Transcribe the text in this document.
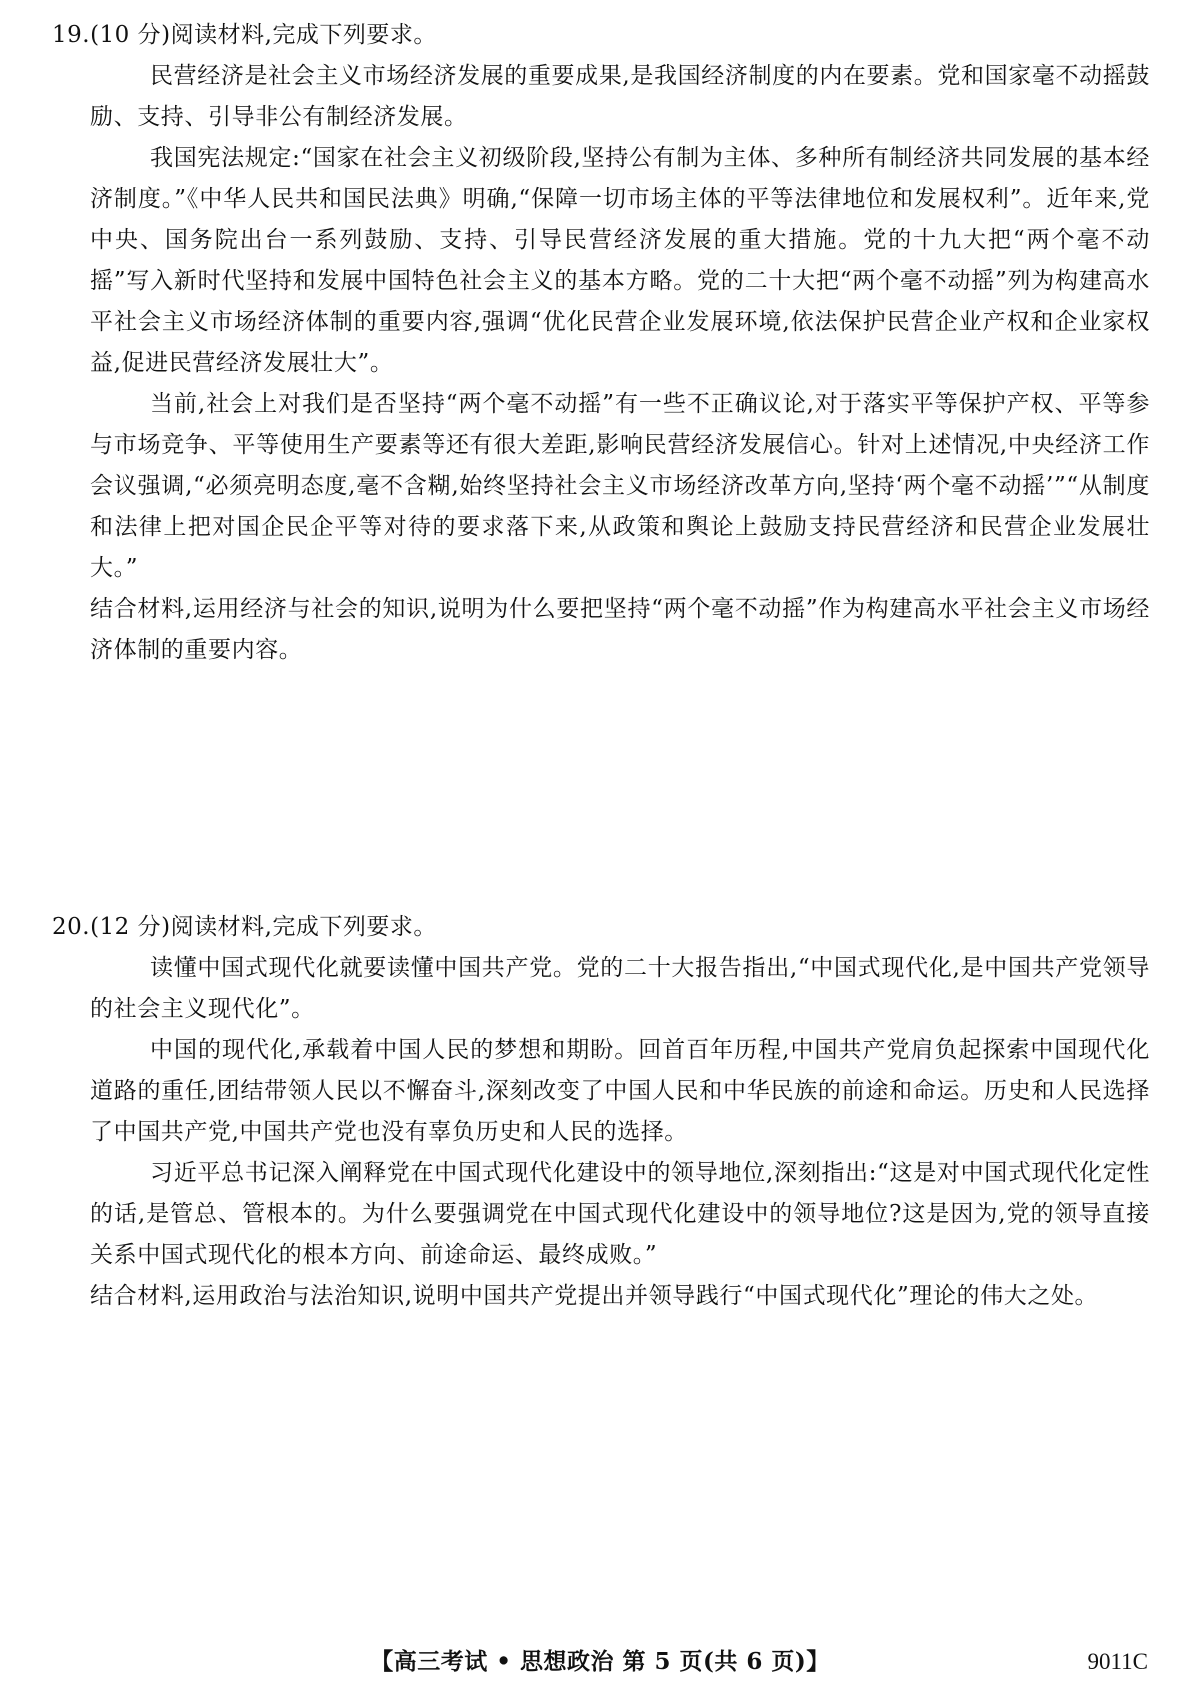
19.(10 分)阅读材料,完成下列要求。

民营经济是社会主义市场经济发展的重要成果,是我国经济制度的内在要素。党和国家毫不动摇鼓励、支持、引导非公有制经济发展。

我国宪法规定:“国家在社会主义初级阶段,坚持公有制为主体、多种所有制经济共同发展的基本经济制度。”《中华人民共和国民法典》明确,“保障一切市场主体的平等法律地位和发展权利”。近年来,党中央、国务院出台一系列鼓励、支持、引导民营经济发展的重大措施。党的十九大把“两个毫不动摇”写入新时代坚持和发展中国特色社会主义的基本方略。党的二十大把“两个毫不动摇”列为构建高水平社会主义市场经济体制的重要内容,强调“优化民营企业发展环境,依法保护民营企业产权和企业家权益,促进民营经济发展壮大”。

当前,社会上对我们是否坚持“两个毫不动摇”有一些不正确议论,对于落实平等保护产权、平等参与市场竞争、平等使用生产要素等还有很大差距,影响民营经济发展信心。针对上述情况,中央经济工作会议强调,“必须亮明态度,毫不含糊,始终坚持社会主义市场经济改革方向,坚持‘两个毫不动摇’”“从制度和法律上把对国企民企平等对待的要求落下来,从政策和舆论上鼓励支持民营经济和民营企业发展壮大。”

结合材料,运用经济与社会的知识,说明为什么要把坚持“两个毫不动摇”作为构建高水平社会主义市场经济体制的重要内容。

20.(12 分)阅读材料,完成下列要求。

读懂中国式现代化就要读懂中国共产党。党的二十大报告指出,“中国式现代化,是中国共产党领导的社会主义现代化”。

中国的现代化,承载着中国人民的梦想和期盼。回首百年历程,中国共产党肩负起探索中国现代化道路的重任,团结带领人民以不懈奋斗,深刻改变了中国人民和中华民族的前途和命运。历史和人民选择了中国共产党,中国共产党也没有辜负历史和人民的选择。

习近平总书记深入阐释党在中国式现代化建设中的领导地位,深刻指出:“这是对中国式现代化定性的话,是管总、管根本的。为什么要强调党在中国式现代化建设中的领导地位?这是因为,党的领导直接关系中国式现代化的根本方向、前途命运、最终成败。”

结合材料,运用政治与法治知识,说明中国共产党提出并领导践行“中国式现代化”理论的伟大之处。

【高三考试 • 思想政治 第 5 页(共 6 页)】	9011C
